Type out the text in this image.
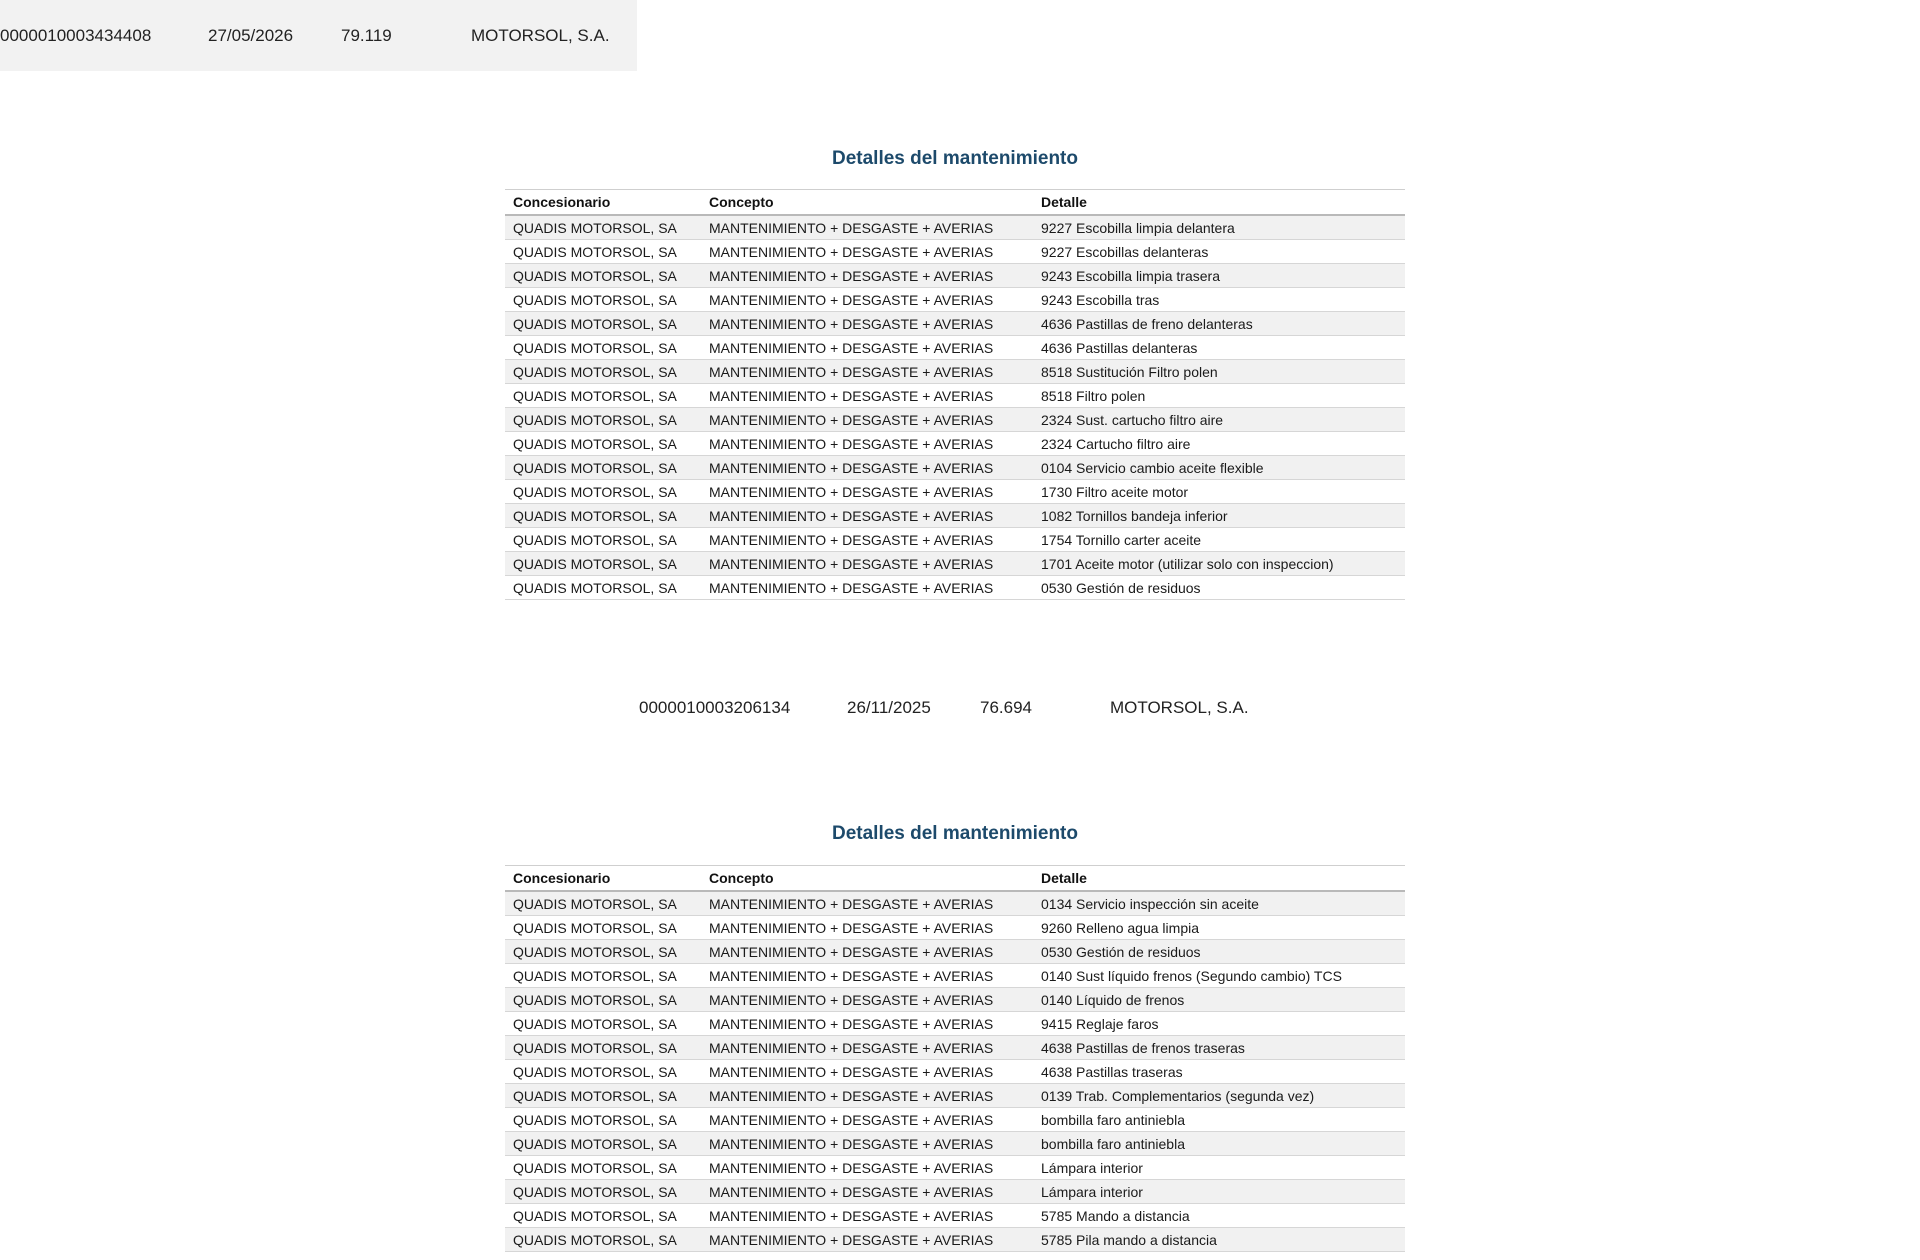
0000010003434408	27/05/2026	79.119	MOTORSOL, S.A.
Detalles del mantenimiento
Concesionario	Concepto	Detalle
QUADIS MOTORSOL, SA	MANTENIMIENTO + DESGASTE + AVERIAS	9227 Escobilla limpia delantera
QUADIS MOTORSOL, SA	MANTENIMIENTO + DESGASTE + AVERIAS	9227 Escobillas delanteras
QUADIS MOTORSOL, SA	MANTENIMIENTO + DESGASTE + AVERIAS	9243 Escobilla limpia trasera
QUADIS MOTORSOL, SA	MANTENIMIENTO + DESGASTE + AVERIAS	9243 Escobilla tras
QUADIS MOTORSOL, SA	MANTENIMIENTO + DESGASTE + AVERIAS	4636 Pastillas de freno delanteras
QUADIS MOTORSOL, SA	MANTENIMIENTO + DESGASTE + AVERIAS	4636 Pastillas delanteras
QUADIS MOTORSOL, SA	MANTENIMIENTO + DESGASTE + AVERIAS	8518 Sustitución Filtro polen
QUADIS MOTORSOL, SA	MANTENIMIENTO + DESGASTE + AVERIAS	8518 Filtro polen
QUADIS MOTORSOL, SA	MANTENIMIENTO + DESGASTE + AVERIAS	2324 Sust. cartucho filtro aire
QUADIS MOTORSOL, SA	MANTENIMIENTO + DESGASTE + AVERIAS	2324 Cartucho filtro aire
QUADIS MOTORSOL, SA	MANTENIMIENTO + DESGASTE + AVERIAS	0104 Servicio cambio aceite flexible
QUADIS MOTORSOL, SA	MANTENIMIENTO + DESGASTE + AVERIAS	1730 Filtro aceite motor
QUADIS MOTORSOL, SA	MANTENIMIENTO + DESGASTE + AVERIAS	1082 Tornillos bandeja inferior
QUADIS MOTORSOL, SA	MANTENIMIENTO + DESGASTE + AVERIAS	1754 Tornillo carter aceite
QUADIS MOTORSOL, SA	MANTENIMIENTO + DESGASTE + AVERIAS	1701 Aceite motor (utilizar solo con inspeccion)
QUADIS MOTORSOL, SA	MANTENIMIENTO + DESGASTE + AVERIAS	0530 Gestión de residuos
0000010003206134	26/11/2025	76.694	MOTORSOL, S.A.
Detalles del mantenimiento
Concesionario	Concepto	Detalle
QUADIS MOTORSOL, SA	MANTENIMIENTO + DESGASTE + AVERIAS	0134 Servicio inspección sin aceite
QUADIS MOTORSOL, SA	MANTENIMIENTO + DESGASTE + AVERIAS	9260 Relleno agua limpia
QUADIS MOTORSOL, SA	MANTENIMIENTO + DESGASTE + AVERIAS	0530 Gestión de residuos
QUADIS MOTORSOL, SA	MANTENIMIENTO + DESGASTE + AVERIAS	0140 Sust líquido frenos (Segundo cambio) TCS
QUADIS MOTORSOL, SA	MANTENIMIENTO + DESGASTE + AVERIAS	0140 Líquido de frenos
QUADIS MOTORSOL, SA	MANTENIMIENTO + DESGASTE + AVERIAS	9415 Reglaje faros
QUADIS MOTORSOL, SA	MANTENIMIENTO + DESGASTE + AVERIAS	4638 Pastillas de frenos traseras
QUADIS MOTORSOL, SA	MANTENIMIENTO + DESGASTE + AVERIAS	4638 Pastillas traseras
QUADIS MOTORSOL, SA	MANTENIMIENTO + DESGASTE + AVERIAS	0139 Trab. Complementarios (segunda vez)
QUADIS MOTORSOL, SA	MANTENIMIENTO + DESGASTE + AVERIAS	bombilla faro antiniebla
QUADIS MOTORSOL, SA	MANTENIMIENTO + DESGASTE + AVERIAS	bombilla faro antiniebla
QUADIS MOTORSOL, SA	MANTENIMIENTO + DESGASTE + AVERIAS	Lámpara interior
QUADIS MOTORSOL, SA	MANTENIMIENTO + DESGASTE + AVERIAS	Lámpara interior
QUADIS MOTORSOL, SA	MANTENIMIENTO + DESGASTE + AVERIAS	5785 Mando a distancia
QUADIS MOTORSOL, SA	MANTENIMIENTO + DESGASTE + AVERIAS	5785 Pila mando a distancia
